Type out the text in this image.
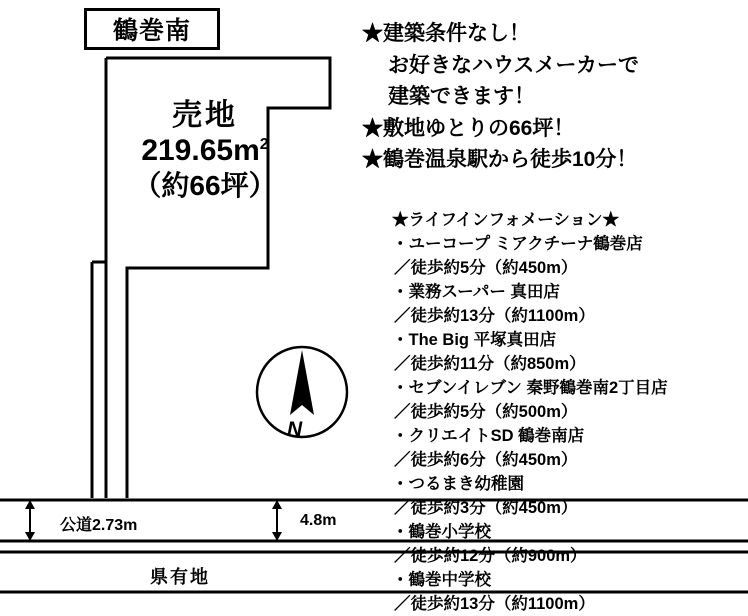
鶴巻南
売地
$219.65m^2$
（約66坪）
★建築条件なし！
お好きなハウスメーカーで
建築できます！
★敷地ゆとりの66坪！
★鶴巻温泉駅から徒歩10分！
★ライフインフォメーション★
・ユーコープ ミアクチーナ鶴巻店
／徒歩約5分（約450m）
・業務スーパー 真田店
／徒歩約13分（約1100m）
・The Big 平塚真田店
／徒歩約11分（約850m）
・セブンイレブン 秦野鶴巻南2丁目店
／徒歩約5分（約500m）
・クリエイトSD 鶴巻南店
／徒歩約6分（約450m）
・つるまき幼稚園
／徒歩約3分（約450m）
・鶴巻小学校
／徒歩約12分（約900m）
・鶴巻中学校
／徒歩約13分（約1100m）
公道2.73m	4.8m
県有地
N
